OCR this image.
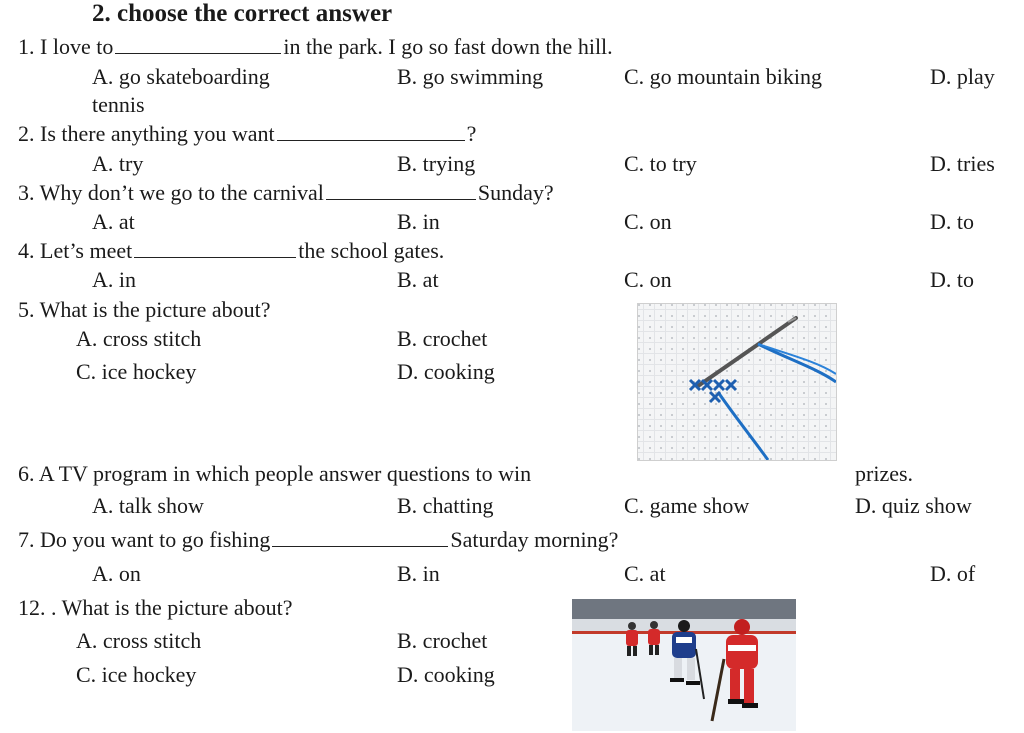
2. choose the correct answer
1. I love to	in the park. I go so fast down the hill.
A. go skateboarding	B. go swimming	C. go mountain biking	D. play
tennis
2. Is there anything you want	?
A. try	B. trying	C. to try	D. tries
3. Why don’t we go to the carnival	Sunday?
A. at	B. in	C. on	D. to
4. Let’s meet	the school gates.
A. in	B. at	C. on	D. to
5. What is the picture about?
A. cross stitch	B. crochet
C. ice hockey	D. cooking
6. A TV program in which people answer questions to win	prizes.
A. talk show	B. chatting	C. game show	D. quiz show
7. Do you want to go fishing	Saturday morning?
A. on	B. in	C. at	D. of
12. . What is the picture about?
A. cross stitch	B. crochet
C. ice hockey	D. cooking
